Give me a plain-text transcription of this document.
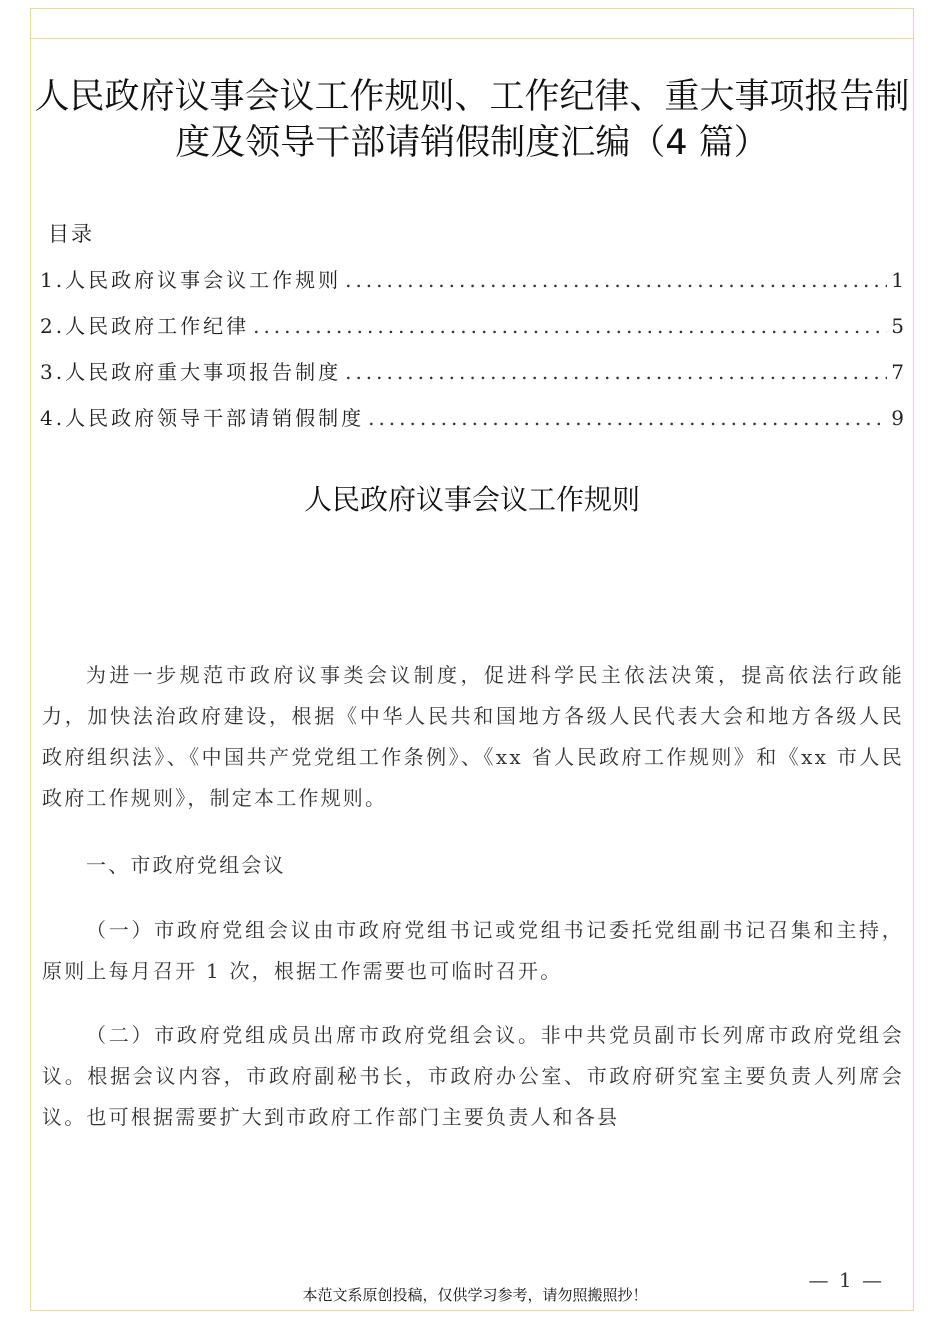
人民政府议事会议工作规则、工作纪律、重大事项报告制
度及领导干部请销假制度汇编（4 篇）

目录

1.人民政府议事会议工作规则 .....	1
2.人民政府工作纪律 .....	5
3.人民政府重大事项报告制度 .....	7
4.人民政府领导干部请销假制度 .....	9
人民政府议事会议工作规则

为进一步规范市政府议事类会议制度，促进科学民主依法决策，提高依法行政能力，加快法治政府建设，根据《中华人民共和国地方各级人民代表大会和地方各级人民政府组织法》、《中国共产党党组工作条例》、《xx 省人民政府工作规则》和《xx 市人民政府工作规则》，制定本工作规则。

一、市政府党组会议

（一）市政府党组会议由市政府党组书记或党组书记委托党组副书记召集和主持，原则上每月召开 1 次，根据工作需要也可临时召开。

（二）市政府党组成员出席市政府党组会议。非中共党员副市长列席市政府党组会议。根据会议内容，市政府副秘书长，市政府办公室、市政府研究室主要负责人列席会议。也可根据需要扩大到市政府工作部门主要负责人和各县

— 1 —
本范文系原创投稿，仅供学习参考，请勿照搬照抄！
